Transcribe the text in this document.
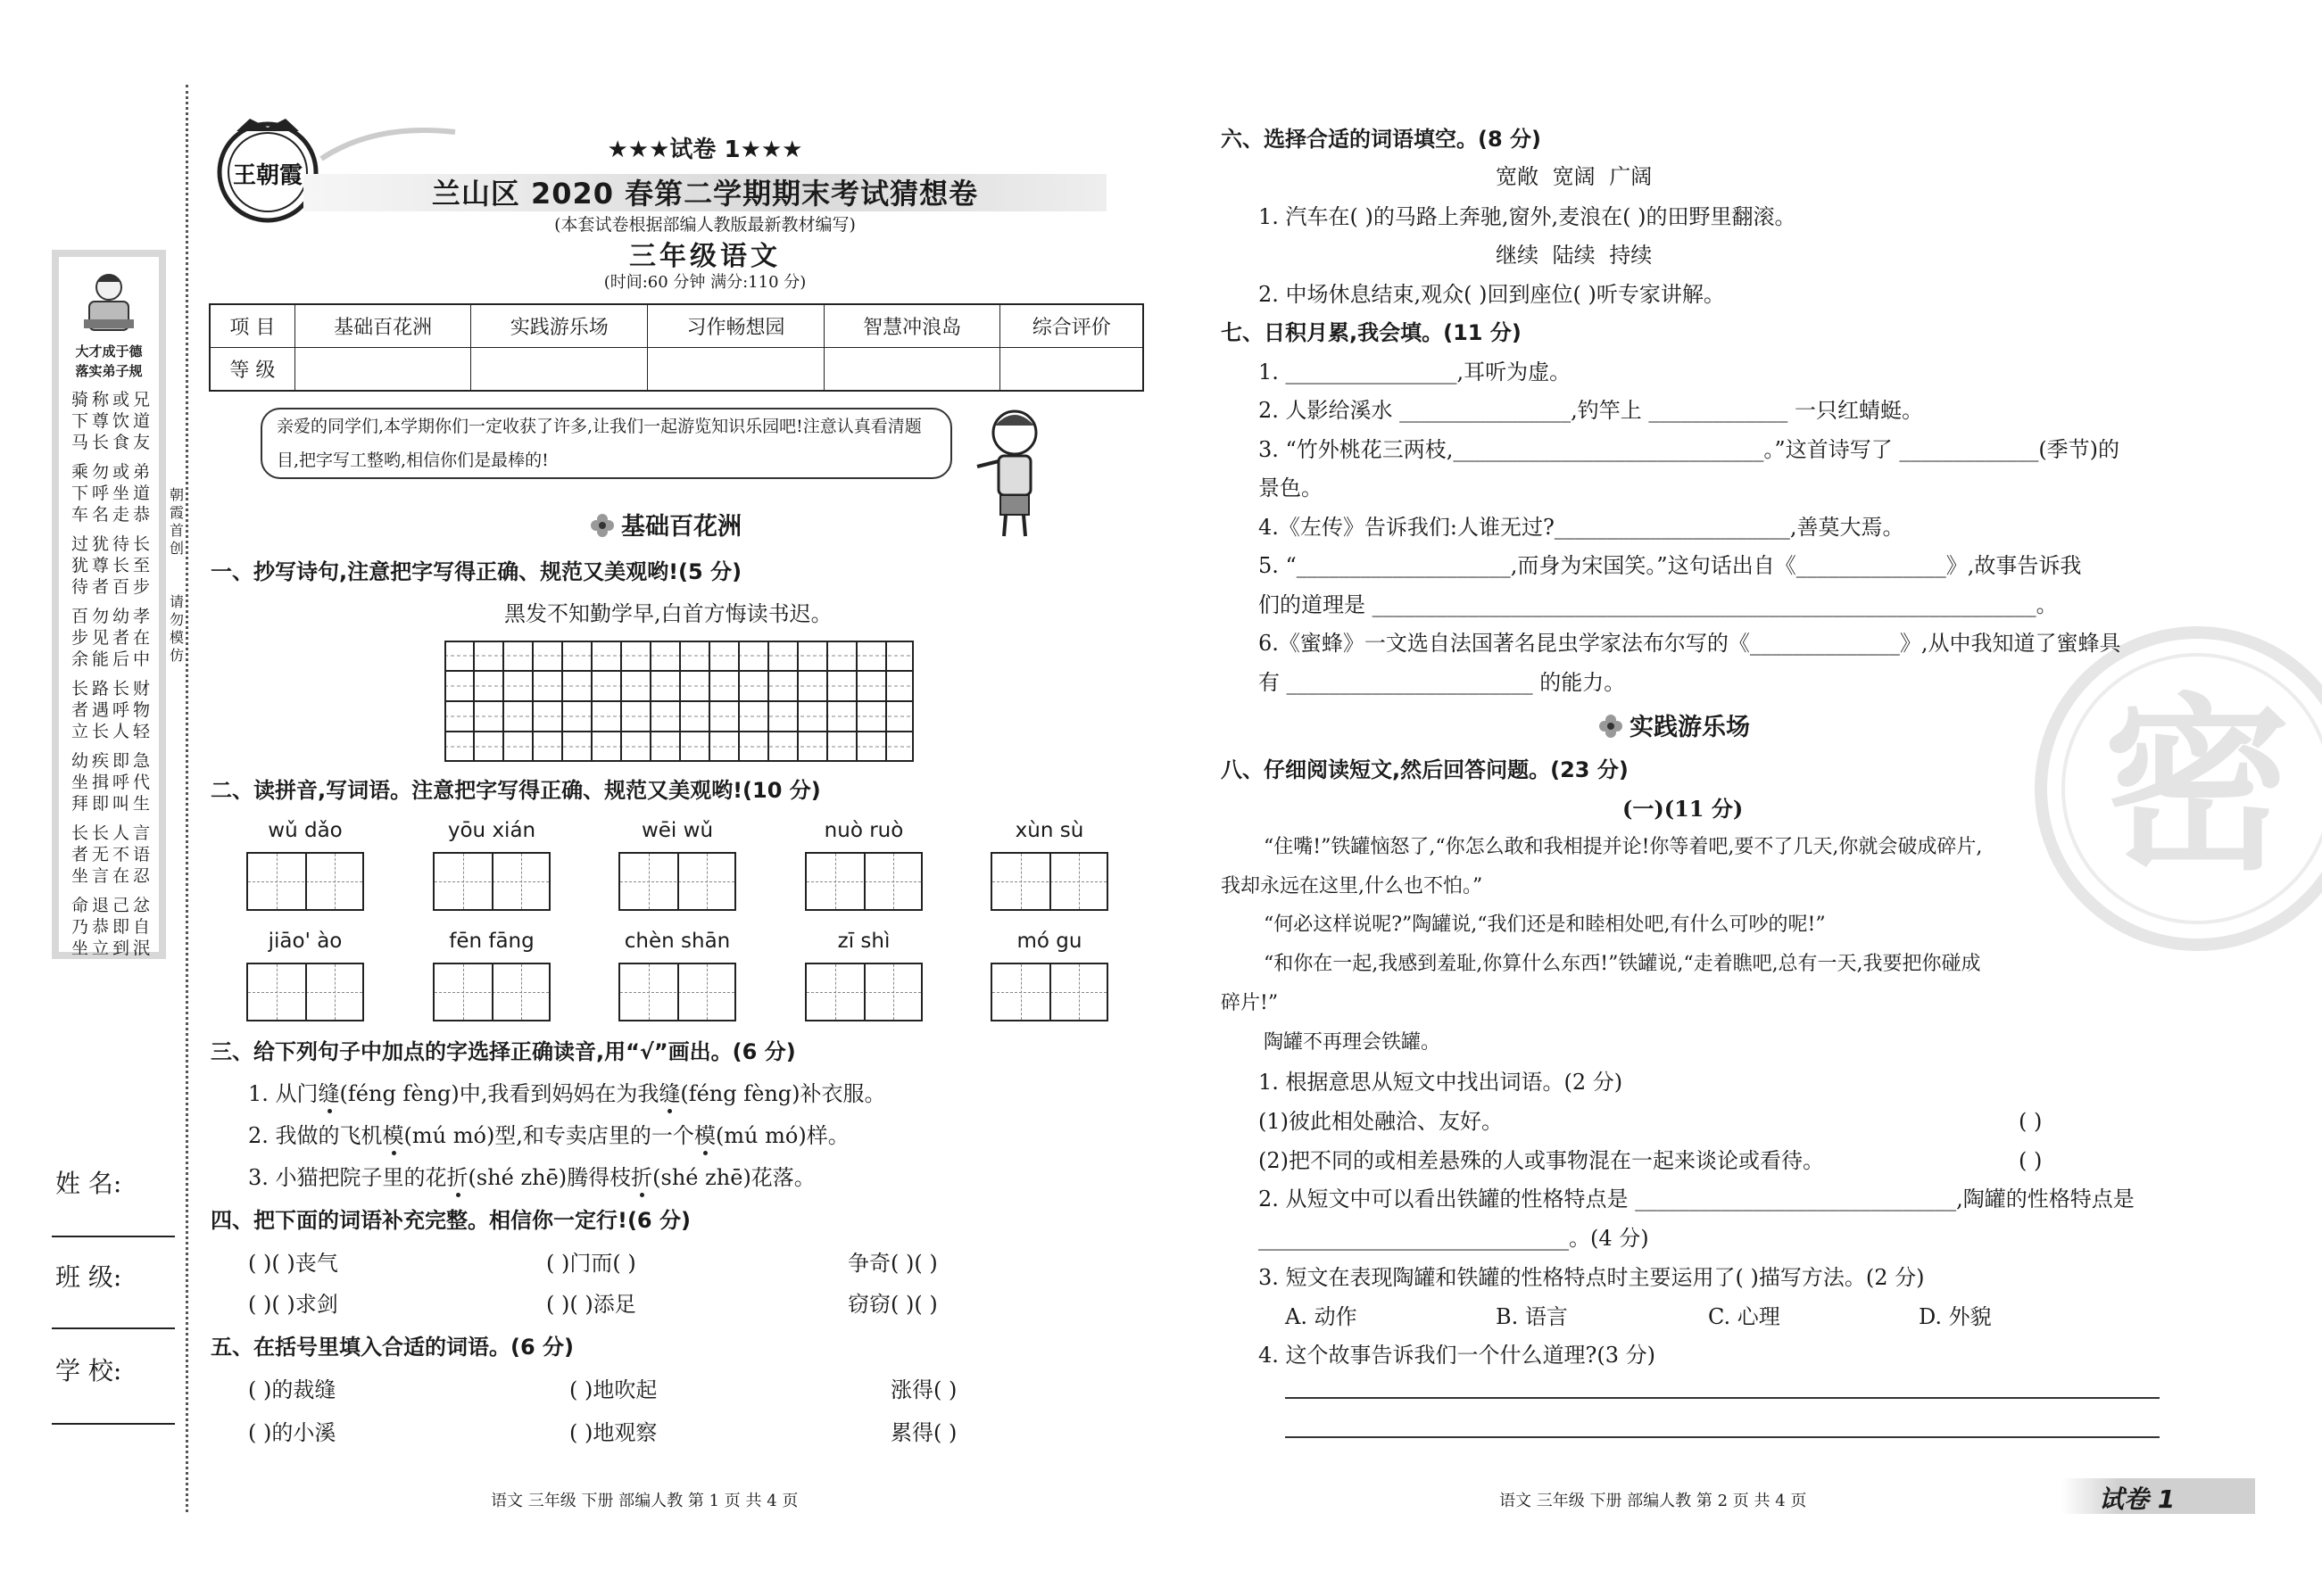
大才成于德
落实弟子规
骑称或兄
下尊饮道
马长食友
乘勿或弟
下呼坐道
车名走恭
过犹待长
犹尊长至
待者百步
百勿幼孝
步见者在
余能后中
长路长财
者遇呼物
立长人轻
幼疾即急
坐揖呼代
拜即叫生
长长人言
者无不语
坐言在忍
命退己忿
乃恭即自
坐立到泯
朝霞首创
请勿模仿
姓 名:
班 级:
学 校:
王朝霞
★★★试卷 1★★★
兰山区 2020 春第二学期期末考试猜想卷
(本套试卷根据部编人教版最新教材编写)
三年级语文
(时间:60 分钟 满分:110 分)
项 目	基础百花洲	实践游乐场	习作畅想园	智慧冲浪岛	综合评价
等 级					
亲爱的同学们,本学期你们一定收获了许多,让我们一起游览知识乐园吧!注意认真看清题目,把字写工整哟,相信你们是最棒的!
基础百花洲
一、抄写诗句,注意把字写得正确、规范又美观哟!(5 分)
黑发不知勤学早,白首方悔读书迟。
二、读拼音,写词语。注意把字写得正确、规范又美观哟!(10 分)
wǔ dǎo	yōu xián	wēi wǔ	nuò ruò	xùn sù
jiāo' ào	fēn fāng	chèn shān	zī shì	mó gu
三、给下列句子中加点的字选择正确读音,用“√”画出。(6 分)
1. 从门缝(féng fèng)中,我看到妈妈在为我缝(féng fèng)补衣服。
2. 我做的飞机模(mú mó)型,和专卖店里的一个模(mú mó)样。
3. 小猫把院子里的花折(shé zhē)腾得枝折(shé zhē)花落。
四、把下面的词语补充完整。相信你一定行!(6 分)
( )( )丧气	( )门而( )	争奇( )( )
( )( )求剑	( )( )添足	窃窃( )( )
五、在括号里填入合适的词语。(6 分)
( )的裁缝	( )地吹起	涨得( )
( )的小溪	( )地观察	累得( )
语文 三年级 下册 部编人教 第 1 页 共 4 页
密
六、选择合适的词语填空。(8 分)
宽敞 宽阔 广阔
1. 汽车在( )的马路上奔驰,窗外,麦浪在( )的田野里翻滚。
继续 陆续 持续
2. 中场休息结束,观众( )回到座位( )听专家讲解。
七、日积月累,我会填。(11 分)
1. ________________,耳听为虚。
2. 人影给溪水 ________________,钓竿上 _____________ 一只红蜻蜓。
3. “竹外桃花三两枝,_____________________________。”这首诗写了 _____________(季节)的
景色。
4.《左传》告诉我们:人谁无过?______________________,善莫大焉。
5. “____________________,而身为宋国笑。”这句话出自《______________》,故事告诉我
们的道理是 ______________________________________________________________。
6.《蜜蜂》一文选自法国著名昆虫学家法布尔写的《______________》,从中我知道了蜜蜂具
有 _______________________ 的能力。
实践游乐场
八、仔细阅读短文,然后回答问题。(23 分)
(一)(11 分)
“住嘴!”铁罐恼怒了,“你怎么敢和我相提并论!你等着吧,要不了几天,你就会破成碎片,
我却永远在这里,什么也不怕。”
“何必这样说呢?”陶罐说,“我们还是和睦相处吧,有什么可吵的呢!”
“和你在一起,我感到羞耻,你算什么东西!”铁罐说,“走着瞧吧,总有一天,我要把你碰成
碎片!”
陶罐不再理会铁罐。
1. 根据意思从短文中找出词语。(2 分)
(1)彼此相处融洽、友好。	( )
(2)把不同的或相差悬殊的人或事物混在一起来谈论或看待。	( )
2. 从短文中可以看出铁罐的性格特点是 ______________________________,陶罐的性格特点是
_____________________________。(4 分)
3. 短文在表现陶罐和铁罐的性格特点时主要运用了( )描写方法。(2 分)
A. 动作	B. 语言	C. 心理	D. 外貌
4. 这个故事告诉我们一个什么道理?(3 分)
语文 三年级 下册 部编人教 第 2 页 共 4 页	试卷 1
